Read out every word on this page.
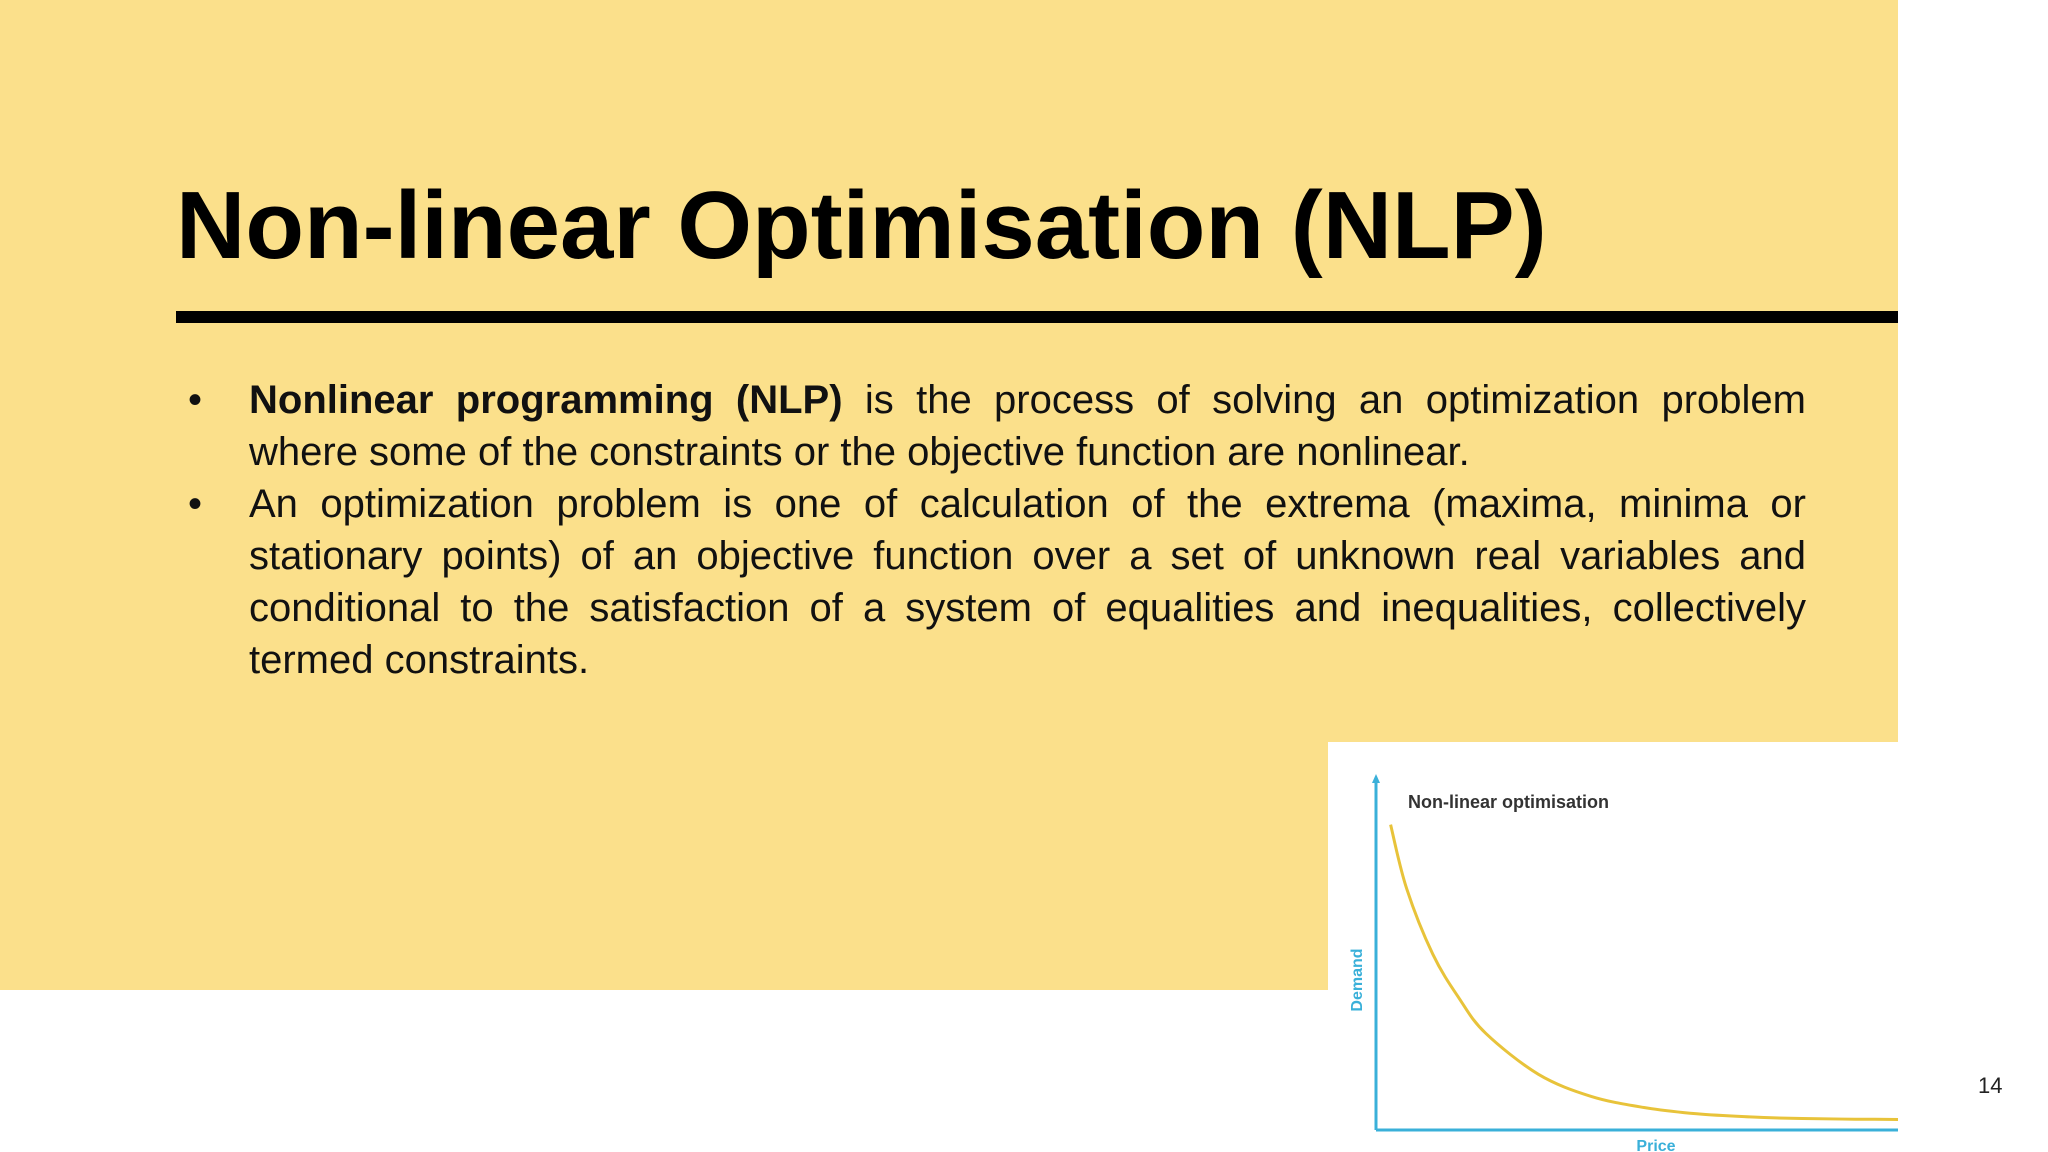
Non-linear Optimisation (NLP)
• Nonlinear programming (NLP) is the process of solving an optimization problem where some of the constraints or the objective function are nonlinear.
• An optimization problem is one of calculation of the extrema (maxima, minima or stationary points) of an objective function over a set of unknown real variables and conditional to the satisfaction of a system of equalities and inequalities, collectively termed constraints.
Non-linear optimisation
Demand
Price
14
